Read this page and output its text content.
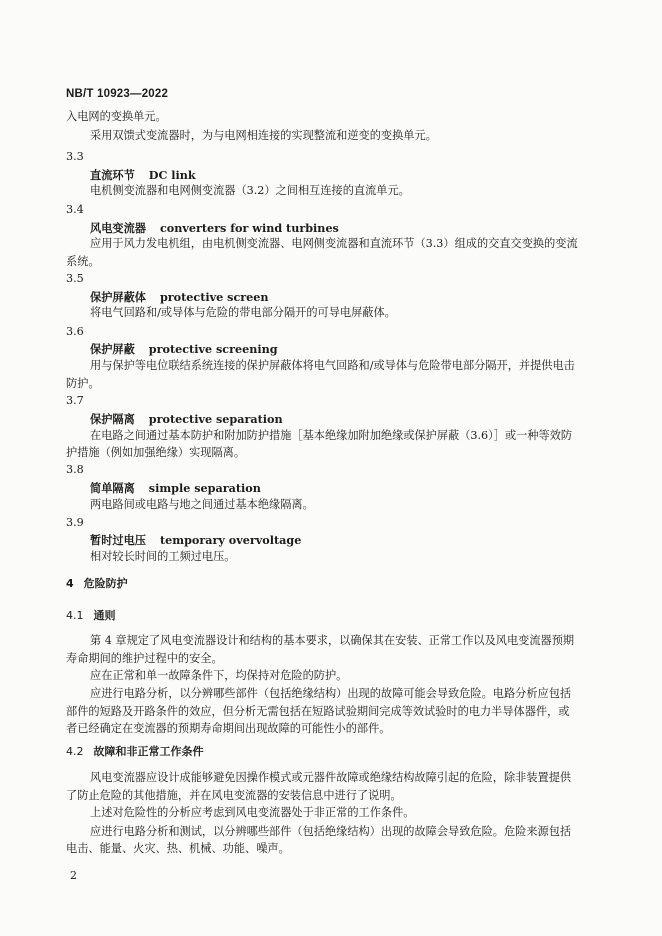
NB/T 10923—2022
入电网的变换单元。
采用双馈式变流器时，为与电网相连接的实现整流和逆变的变换单元。
3.3
直流环节 DC link
电机侧变流器和电网侧变流器（3.2）之间相互连接的直流单元。
3.4
风电变流器 converters for wind turbines
应用于风力发电机组，由电机侧变流器、电网侧变流器和直流环节（3.3）组成的交直交变换的变流
系统。
3.5
保护屏蔽体 protective screen
将电气回路和/或导体与危险的带电部分隔开的可导电屏蔽体。
3.6
保护屏蔽 protective screening
用与保护等电位联结系统连接的保护屏蔽体将电气回路和/或导体与危险带电部分隔开，并提供电击
防护。
3.7
保护隔离 protective separation
在电路之间通过基本防护和附加防护措施［基本绝缘加附加绝缘或保护屏蔽（3.6）］或一种等效防
护措施（例如加强绝缘）实现隔离。
3.8
简单隔离 simple separation
两电路间或电路与地之间通过基本绝缘隔离。
3.9
暂时过电压 temporary overvoltage
相对较长时间的工频过电压。
4 危险防护
4.1 通则
第 4 章规定了风电变流器设计和结构的基本要求，以确保其在安装、正常工作以及风电变流器预期
寿命期间的维护过程中的安全。
应在正常和单一故障条件下，均保持对危险的防护。
应进行电路分析，以分辨哪些部件（包括绝缘结构）出现的故障可能会导致危险。电路分析应包括
部件的短路及开路条件的效应，但分析无需包括在短路试验期间完成等效试验时的电力半导体器件，或
者已经确定在变流器的预期寿命期间出现故障的可能性小的部件。
4.2 故障和非正常工作条件
风电变流器应设计成能够避免因操作模式或元器件故障或绝缘结构故障引起的危险，除非装置提供
了防止危险的其他措施，并在风电变流器的安装信息中进行了说明。
上述对危险性的分析应考虑到风电变流器处于非正常的工作条件。
应进行电路分析和测试，以分辨哪些部件（包括绝缘结构）出现的故障会导致危险。危险来源包括
电击、能量、火灾、热、机械、功能、噪声。
2
